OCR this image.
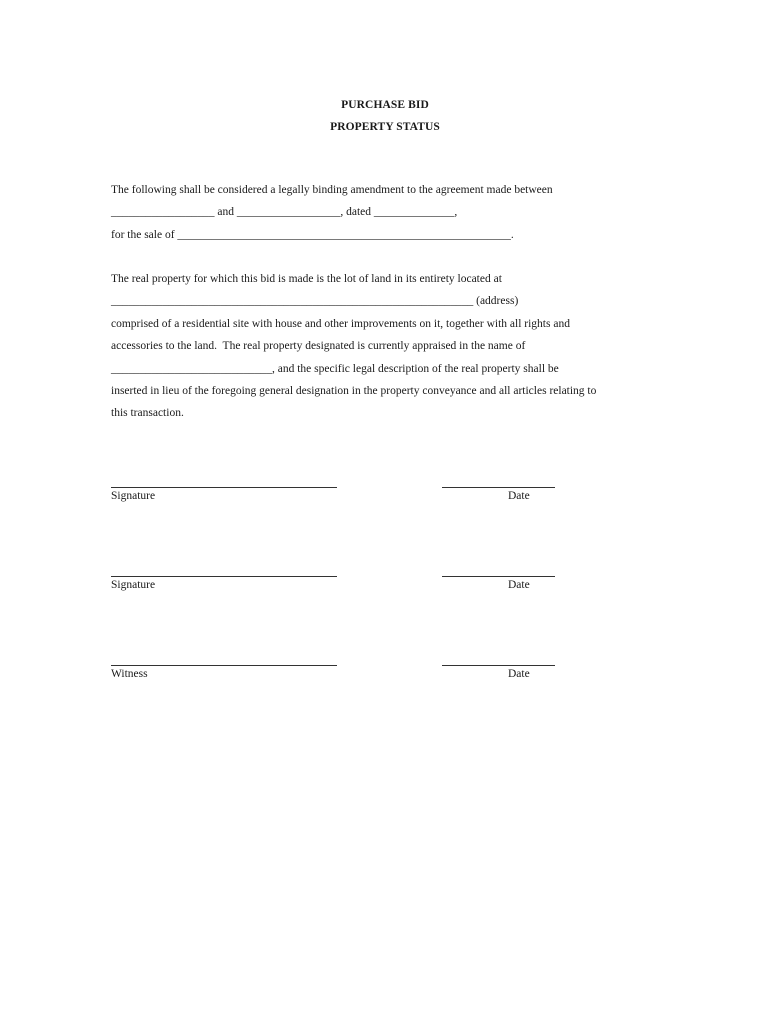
PURCHASE BID
PROPERTY STATUS
The following shall be considered a legally binding amendment to the agreement made between
__________________ and __________________, dated ______________,
for the sale of __________________________________________________________.
The real property for which this bid is made is the lot of land in its entirety located at
_______________________________________________________________ (address)
comprised of a residential site with house and other improvements on it, together with all rights and
accessories to the land.  The real property designated is currently appraised in the name of
____________________________, and the specific legal description of the real property shall be
inserted in lieu of the foregoing general designation in the property conveyance and all articles relating to
this transaction.
Signature	Date
Signature	Date
Witness	Date
